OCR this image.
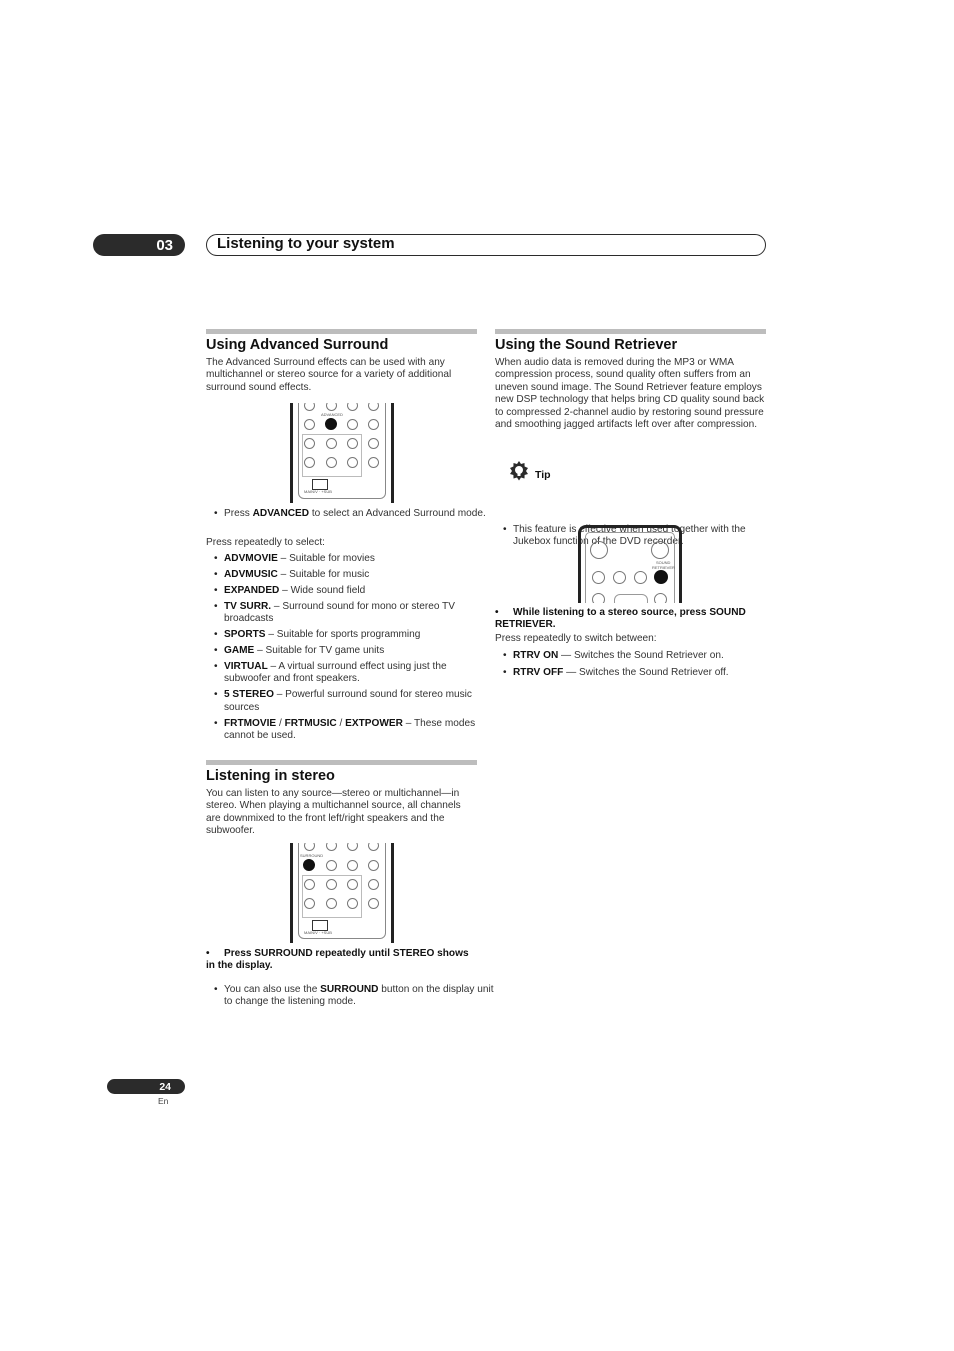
03	Listening to your system
Using Advanced Surround

The Advanced Surround effects can be used with any multichannel or stereo source for a variety of additional surround sound effects.

ADVANCED
MAIN/V · +SUB
• Press ADVANCED to select an Advanced Surround mode.

Press repeatedly to select:

• ADVMOVIE – Suitable for movies
• ADVMUSIC – Suitable for music
• EXPANDED – Wide sound field
• TV SURR. – Surround sound for mono or stereo TV broadcasts
• SPORTS – Suitable for sports programming
• GAME – Suitable for TV game units
• VIRTUAL – A virtual surround effect using just the subwoofer and front speakers.
• 5 STEREO – Powerful surround sound for stereo music sources
• FRTMOVIE / FRTMUSIC / EXTPOWER – These modes cannot be used.
Listening in stereo

You can listen to any source—stereo or multichannel—in stereo. When playing a multichannel source, all channels are downmixed to the front left/right speakers and the subwoofer.

SURROUND
MAIN/V · +SUB
• Press SURROUND repeatedly until STEREO shows in the display.
• You can also use the SURROUND button on the display unit to change the listening mode.
Using the Sound Retriever

When audio data is removed during the MP3 or WMA compression process, sound quality often suffers from an uneven sound image. The Sound Retriever feature employs new DSP technology that helps bring CD quality sound back to compressed 2-channel audio by restoring sound pressure and smoothing jagged artifacts left over after compression.

Tip
• This feature is effective when used together with the Jukebox function of the DVD recorder.
SOUND
RETRIEVER
• While listening to a stereo source, press SOUND RETRIEVER.

Press repeatedly to switch between:

• RTRV ON — Switches the Sound Retriever on.
• RTRV OFF — Switches the Sound Retriever off.
24
En
